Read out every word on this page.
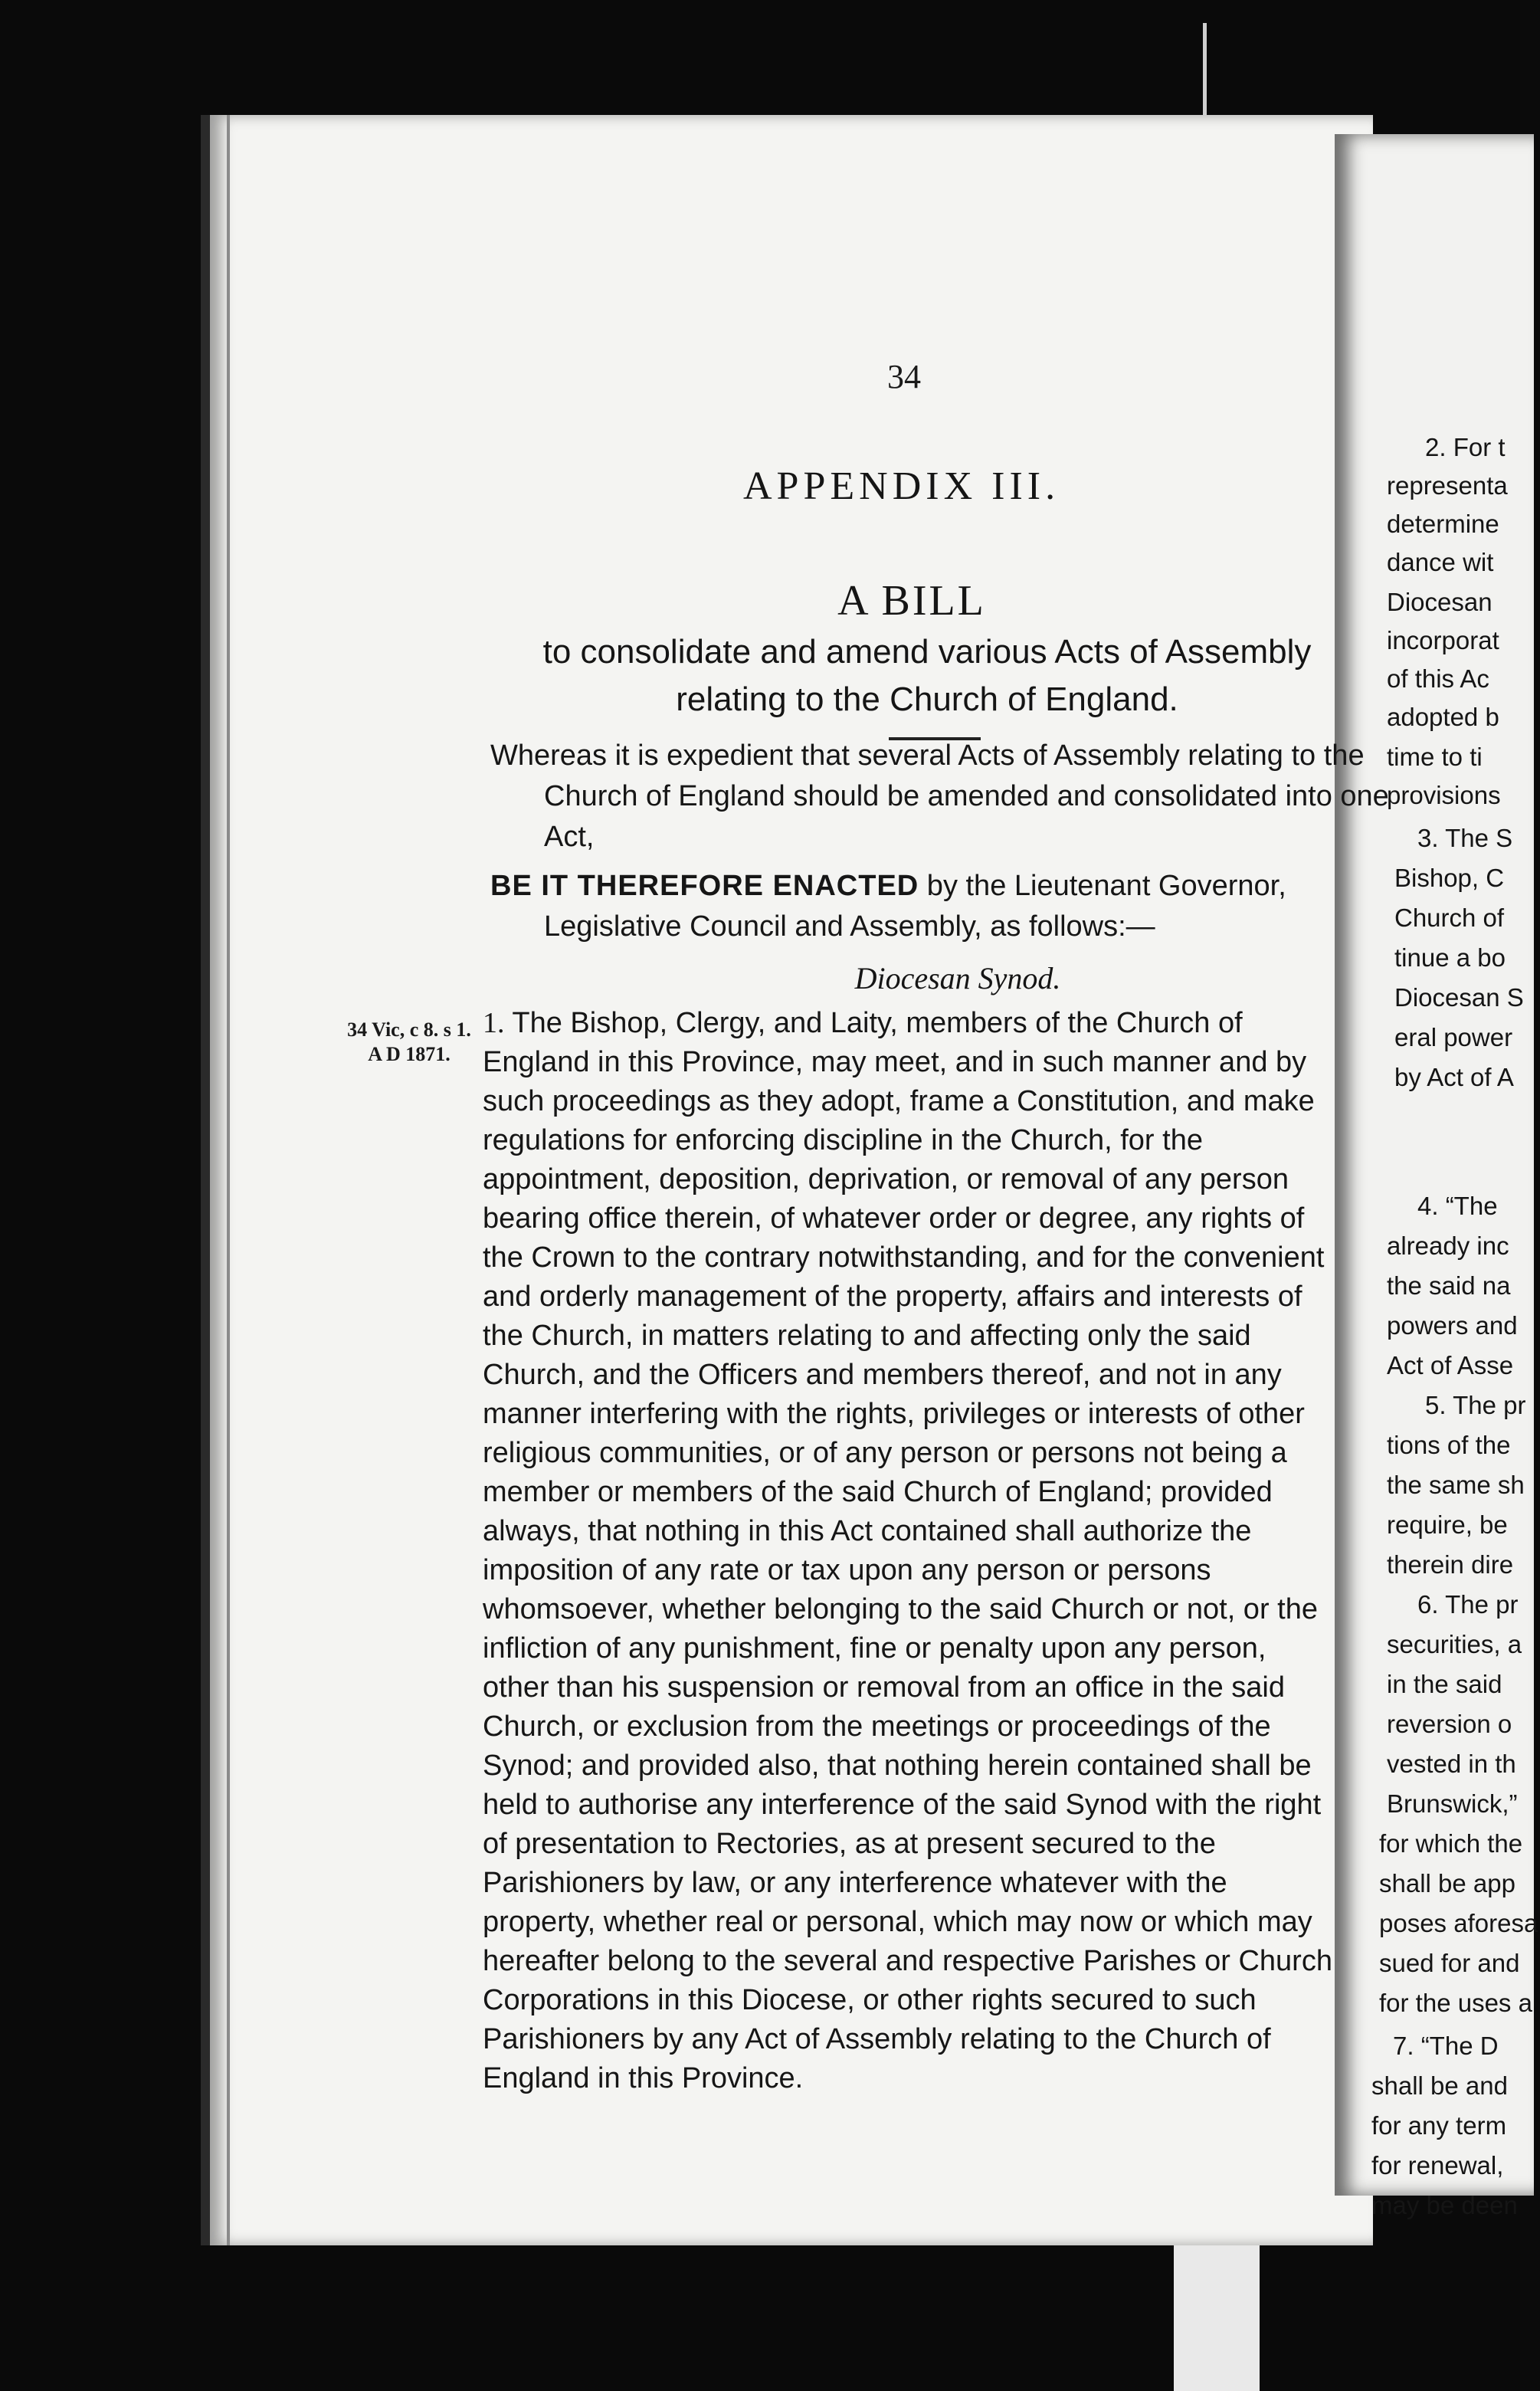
34
APPENDIX III.
A BILL
to consolidate and amend various Acts of Assembly relating to the Church of England.
Whereas it is expedient that several Acts of Assembly relating to the Church of England should be amended and consolidated into one Act,
BE IT THEREFORE ENACTED by the Lieutenant Governor, Legislative Council and Assembly, as follows:—
Diocesan Synod.
34 Vic, c 8. s 1.
A D 1871.
1. The Bishop, Clergy, and Laity, members of the Church of England in this Province, may meet, and in such manner and by such proceedings as they adopt, frame a Constitution, and make regulations for enforcing discipline in the Church, for the appointment, deposition, deprivation, or removal of any person bearing office therein, of whatever order or degree, any rights of the Crown to the contrary notwithstanding, and for the convenient and orderly management of the property, affairs and interests of the Church, in matters relating to and affecting only the said Church, and the Officers and members thereof, and not in any manner interfering with the rights, privileges or interests of other religious communities, or of any person or persons not being a member or members of the said Church of England; provided always, that nothing in this Act contained shall authorize the imposition of any rate or tax upon any person or persons whomsoever, whether belonging to the said Church or not, or the infliction of any punishment, fine or penalty upon any person, other than his suspension or removal from an office in the said Church, or exclusion from the meetings or proceedings of the Synod; and provided also, that nothing herein contained shall be held to authorise any interference of the said Synod with the right of presentation to Rectories, as at present secured to the Parishioners by law, or any interference whatever with the property, whether real or personal, which may now or which may hereafter belong to the several and respective Parishes or Church Corporations in this Diocese, or other rights secured to such Parishioners by any Act of Assembly relating to the Church of England in this Province.
2. For t
representa
determine
dance wit
Diocesan
incorporat
of this Ac
adopted b
time to ti
provisions
3. The S
Bishop, C
Church of
tinue a bo
Diocesan S
eral power
by Act of A
4. “The
already inc
the said na
powers and
Act of Asse
5. The pr
tions of the
the same sh
require, be
therein dire
6. The pr
securities, a
in the said
reversion o
vested in th
Brunswick,”
for which the
shall be app
poses aforesa
sued for and
for the uses a
7. “The D
shall be and
for any term
for renewal,
may be deen
